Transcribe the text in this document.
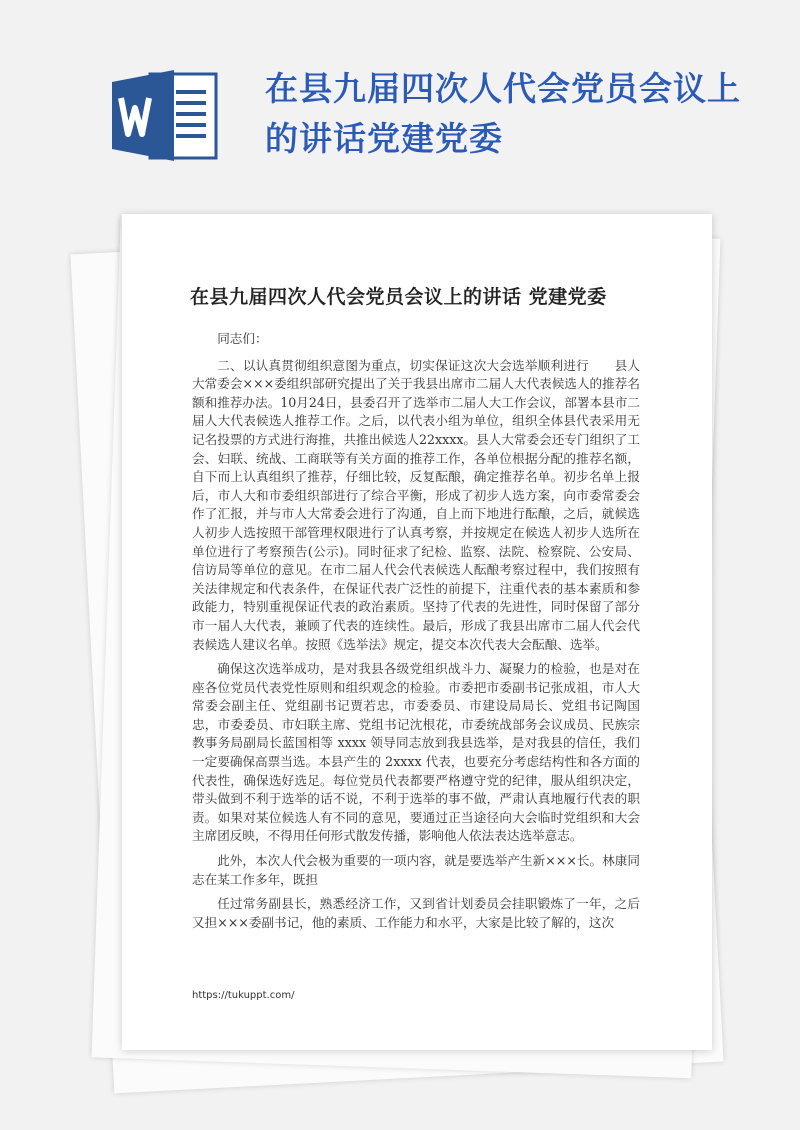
在县九届四次人代会党员会议上的讲话党建党委
在县九届四次人代会党员会议上的讲话 党建党委

同志们：

二、以认真贯彻组织意图为重点，切实保证这次大会选举顺利进行　　县人大常委会×××委组织部研究提出了关于我县出席市二届人大代表候选人的推荐名额和推荐办法。10月24日，县委召开了选举市二届人大工作会议，部署本县市二届人大代表候选人推荐工作。之后，以代表小组为单位，组织全体县代表采用无记名投票的方式进行海推，共推出候选人22xxxx。县人大常委会还专门组织了工会、妇联、统战、工商联等有关方面的推荐工作，各单位根据分配的推荐名额，自下而上认真组织了推荐，仔细比较，反复酝酿，确定推荐名单。初步名单上报后，市人大和市委组织部进行了综合平衡，形成了初步人选方案，向市委常委会作了汇报，并与市人大常委会进行了沟通，自上而下地进行酝酿，之后，就候选人初步人选按照干部管理权限进行了认真考察，并按规定在候选人初步人选所在单位进行了考察预告(公示)。同时征求了纪检、监察、法院、检察院、公安局、信访局等单位的意见。在市二届人代会代表候选人酝酿考察过程中，我们按照有关法律规定和代表条件，在保证代表广泛性的前提下，注重代表的基本素质和参政能力，特别重视保证代表的政治素质。坚持了代表的先进性，同时保留了部分市一届人大代表，兼顾了代表的连续性。最后，形成了我县出席市二届人代会代表候选人建议名单。按照《选举法》规定，提交本次代表大会酝酿、选举。

确保这次选举成功，是对我县各级党组织战斗力、凝聚力的检验，也是对在座各位党员代表党性原则和组织观念的检验。市委把市委副书记张成祖，市人大常委会副主任、党组副书记贾若忠，市委委员、市建设局局长、党组书记陶国忠，市委委员、市妇联主席、党组书记沈根花，市委统战部务会议成员、民族宗教事务局副局长蓝国相等 xxxx 领导同志放到我县选举，是对我县的信任，我们一定要确保高票当选。本县产生的 2xxxx 代表，也要充分考虑结构性和各方面的代表性，确保选好选足。每位党员代表都要严格遵守党的纪律，服从组织决定，带头做到不利于选举的话不说，不利于选举的事不做，严肃认真地履行代表的职责。如果对某位候选人有不同的意见，要通过正当途径向大会临时党组织和大会主席团反映，不得用任何形式散发传播，影响他人依法表达选举意志。

此外，本次人代会极为重要的一项内容，就是要选举产生新×××长。林康同志在某工作多年，既担

任过常务副县长，熟悉经济工作，又到省计划委员会挂职锻炼了一年，之后又担×××委副书记，他的素质、工作能力和水平，大家是比较了解的，这次

https://tukuppt.com/
